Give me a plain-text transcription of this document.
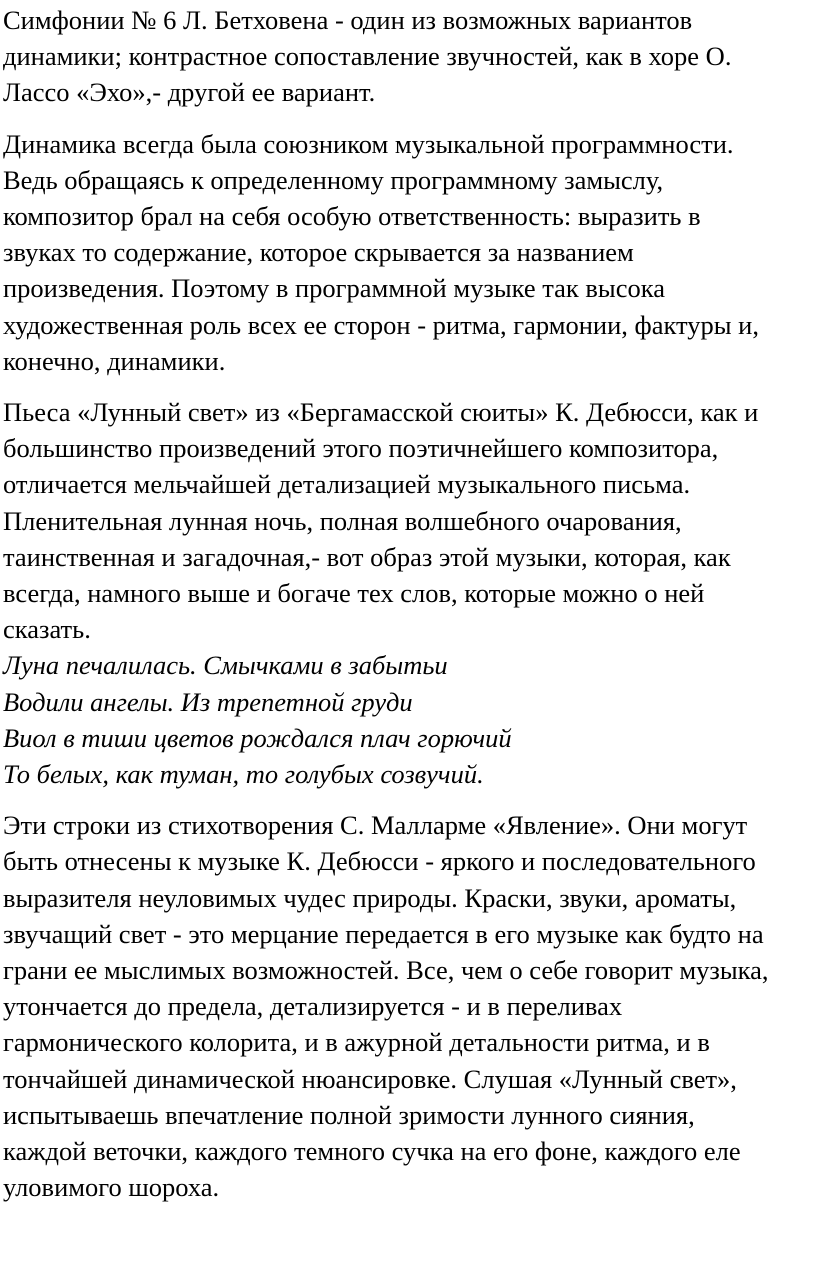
Симфонии № 6 Л. Бетховена - один из возможных вариантов
динамики; контрастное сопоставление звучностей, как в хоре О.
Лассо «Эхо»,- другой ее вариант.

Динамика всегда была союзником музыкальной программности.
Ведь обращаясь к определенному программному замыслу,
композитор брал на себя особую ответственность: выразить в
звуках то содержание, которое скрывается за названием
произведения. Поэтому в программной музыке так высока
художественная роль всех ее сторон - ритма, гармонии, фактуры и,
конечно, динамики.

Пьеса «Лунный свет» из «Бергамасской сюиты» К. Дебюсси, как и
большинство произведений этого поэтичнейшего композитора,
отличается мельчайшей детализацией музыкального письма.
Пленительная лунная ночь, полная волшебного очарования,
таинственная и загадочная,- вот образ этой музыки, которая, как
всегда, намного выше и богаче тех слов, которые можно о ней
сказать.

Луна печалилась. Смычками в забытьи
Водили ангелы. Из трепетной груди
Виол в тиши цветов рождался плач горючий
То белых, как туман, то голубых созвучий.

Эти строки из стихотворения С. Малларме «Явление». Они могут
быть отнесены к музыке К. Дебюсси - яркого и последовательного
выразителя неуловимых чудес природы. Краски, звуки, ароматы,
звучащий свет - это мерцание передается в его музыке как будто на
грани ее мыслимых возможностей. Все, чем о себе говорит музыка,
утончается до предела, детализируется - и в переливах
гармонического колорита, и в ажурной детальности ритма, и в
тончайшей динамической нюансировке. Слушая «Лунный свет»,
испытываешь впечатление полной зримости лунного сияния,
каждой веточки, каждого темного сучка на его фоне, каждого еле
уловимого шороха.
